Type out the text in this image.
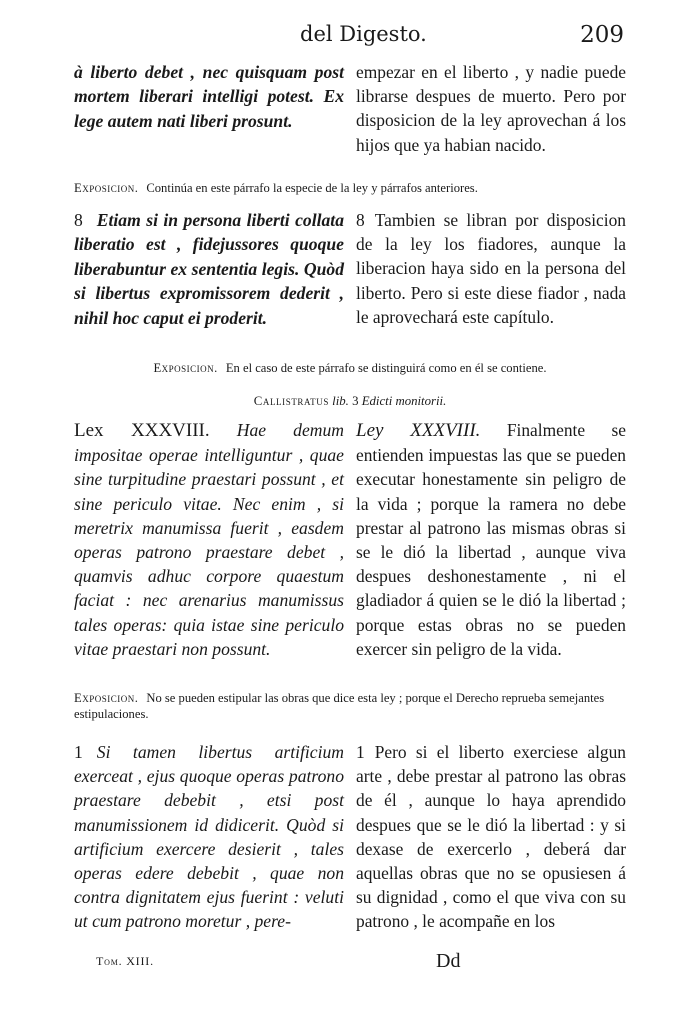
del Digesto.	209

à liberto debet , nec quisquam post mortem liberari intelligi potest. Ex lege autem nati liberi prosunt.

empezar en el liberto , y nadie puede librarse despues de muerto. Pero por disposicion de la ley aprovechan á los hijos que ya habian nacido.

Exposicion. Continúa en este párrafo la especie de la ley y párrafos anteriores.

8 Etiam si in persona liberti collata liberatio est , fidejussores quoque liberabuntur ex sententia legis. Quòd si libertus expromissorem dederit , nihil hoc caput ei proderit.

8 Tambien se libran por disposicion de la ley los fiadores, aunque la liberacion haya sido en la persona del liberto. Pero si este diese fiador , nada le aprovechará este capítulo.

Exposicion. En el caso de este párrafo se distinguirá como en él se contiene.
Callistratus lib. 3 Edicti monitorii.

Lex XXXVIII. Hae demum impositae operae intelliguntur , quae sine turpitudine praestari possunt , et sine periculo vitae. Nec enim , si meretrix manumissa fuerit , easdem operas patrono praestare debet , quamvis adhuc corpore quaestum faciat : nec arenarius manumissus tales operas: quia istae sine periculo vitae praestari non possunt.

Ley XXXVIII. Finalmente se entienden impuestas las que se pueden executar honestamente sin peligro de la vida ; porque la ramera no debe prestar al patrono las mismas obras si se le dió la libertad , aunque viva despues deshonestamente , ni el gladiador á quien se le dió la libertad ; porque estas obras no se pueden exercer sin peligro de la vida.

Exposicion. No se pueden estipular las obras que dice esta ley ; porque el Derecho reprueba semejantes estipulaciones.

1 Si tamen libertus artificium exerceat , ejus quoque operas patrono praestare debebit , etsi post manumissionem id didicerit. Quòd si artificium exercere desierit , tales operas edere debebit , quae non contra dignitatem ejus fuerint : veluti ut cum patrono moretur , pere-

1 Pero si el liberto exerciese algun arte , debe prestar al patrono las obras de él , aunque lo haya aprendido despues que se le dió la libertad : y si dexase de exercerlo , deberá dar aquellas obras que no se opusiesen á su dignidad , como el que viva con su patrono , le acompañe en los

Tom. XIII.	Dd
